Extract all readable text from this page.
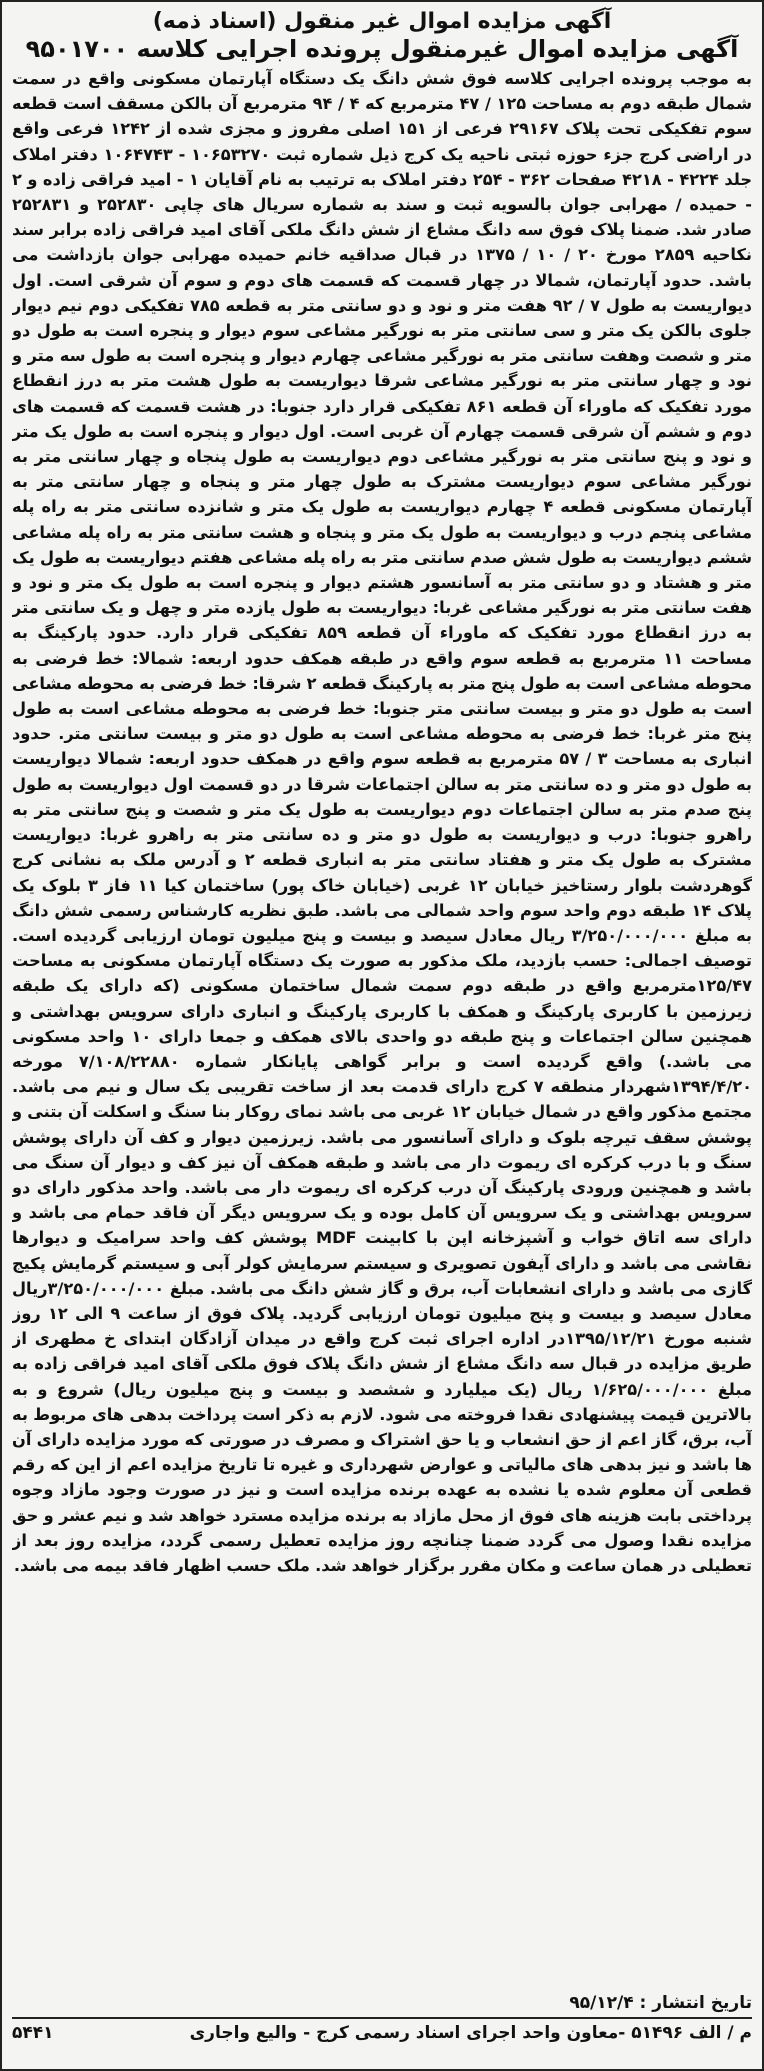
آگهی مزایده اموال غیر منقول (اسناد ذمه)
آگهی مزایده اموال غیرمنقول پرونده اجرایی کلاسه ۹۵۰۱۷۰۰
به موجب پرونده اجرایی کلاسه فوق شش دانگ یک دستگاه آپارتمان مسکونی واقع در سمت شمال طبقه دوم به مساحت ۱۲۵ / ۴۷ مترمربع که ۴ / ۹۴ مترمربع آن بالکن مسقف است قطعه سوم تفکیکی تحت پلاک ۲۹۱۶۷ فرعی از ۱۵۱ اصلی مفروز و مجزی شده از ۱۲۴۲ فرعی واقع در اراضی کرج جزء حوزه ثبتی ناحیه یک کرج ذیل شماره ثبت ۱۰۶۵۳۲۷۰ - ۱۰۶۴۷۴۳ دفتر املاک جلد ۴۲۲۴ - ۴۲۱۸ صفحات ۳۶۲ - ۲۵۴ دفتر املاک به ترتیب به نام آقایان ۱ - امید فراقی زاده و ۲ - حمیده / مهرابی جوان بالسویه ثبت و سند به شماره سریال های چاپی ۲۵۲۸۳۰ و ۲۵۲۸۳۱ صادر شد. ضمنا پلاک فوق سه دانگ مشاع از شش دانگ ملکی آقای امید فراقی زاده برابر سند نکاحیه ۲۸۵۹ مورخ ۲۰ / ۱۰ / ۱۳۷۵ در قبال صداقیه خانم حمیده مهرابی جوان بازداشت می باشد. حدود آپارتمان، شمالا در چهار قسمت که قسمت های دوم و سوم آن شرقی است. اول دیواریست به طول ۷ / ۹۲ هفت متر و نود و دو سانتی متر به قطعه ۷۸۵ تفکیکی دوم نیم دیوار جلوی بالکن یک متر و سی سانتی متر به نورگیر مشاعی سوم دیوار و پنجره است به طول دو متر و شصت وهفت سانتی متر به نورگیر مشاعی چهارم دیوار و پنجره است به طول سه متر و نود و چهار سانتی متر به نورگیر مشاعی شرقا دیواریست به طول هشت متر به درز انقطاع مورد تفکیک که ماوراء آن قطعه ۸۶۱ تفکیکی قرار دارد جنوبا: در هشت قسمت که قسمت های دوم و ششم آن شرقی قسمت چهارم آن غربی است. اول دیوار و پنجره است به طول یک متر و نود و پنج سانتی متر به نورگیر مشاعی دوم دیواریست به طول پنجاه و چهار سانتی متر به نورگیر مشاعی سوم دیواریست مشترک به طول چهار متر و پنجاه و چهار سانتی متر به آپارتمان مسکونی قطعه ۴ چهارم دیواریست به طول یک متر و شانزده سانتی متر به راه پله مشاعی پنجم درب و دیواریست به طول یک متر و پنجاه و هشت سانتی متر به راه پله مشاعی ششم دیواریست به طول شش صدم سانتی متر به راه پله مشاعی هفتم دیواریست به طول یک متر و هشتاد و دو سانتی متر به آسانسور هشتم دیوار و پنجره است به طول یک متر و نود و هفت سانتی متر به نورگیر مشاعی غربا: دیواریست به طول یازده متر و چهل و یک سانتی متر به درز انقطاع مورد تفکیک که ماوراء آن قطعه ۸۵۹ تفکیکی قرار دارد. حدود پارکینگ به مساحت ۱۱ مترمربع به قطعه سوم واقع در طبقه همکف حدود اربعه: شمالا: خط فرضی به محوطه مشاعی است به طول پنج متر به پارکینگ قطعه ۲ شرقا: خط فرضی به محوطه مشاعی است به طول دو متر و بیست سانتی متر جنوبا: خط فرضی به محوطه مشاعی است به طول پنج متر غربا: خط فرضی به محوطه مشاعی است به طول دو متر و بیست سانتی متر. حدود انباری به مساحت ۳ / ۵۷ مترمربع به قطعه سوم واقع در همکف حدود اربعه: شمالا دیواریست به طول دو متر و ده سانتی متر به سالن اجتماعات شرقا در دو قسمت اول دیواریست به طول پنج صدم متر به سالن اجتماعات دوم دیواریست به طول یک متر و شصت و پنج سانتی متر به راهرو جنوبا: درب و دیواریست به طول دو متر و ده سانتی متر به راهرو غربا: دیواریست مشترک به طول یک متر و هفتاد سانتی متر به انباری قطعه ۲ و آدرس ملک به نشانی کرج گوهردشت بلوار رستاخیز خیابان ۱۲ غربی (خیابان خاک پور) ساختمان کیا ۱۱ فاز ۳ بلوک یک پلاک ۱۴ طبقه دوم واحد سوم واحد شمالی می باشد. طبق نظریه کارشناس رسمی شش دانگ به مبلغ ۳/۲۵۰/۰۰۰/۰۰۰ ریال معادل سیصد و بیست و پنج میلیون تومان ارزیابی گردیده است. توصیف اجمالی: حسب بازدید، ملک مذکور به صورت یک دستگاه آپارتمان مسکونی به مساحت ۱۲۵/۴۷مترمربع واقع در طبقه دوم سمت شمال ساختمان مسکونی (که دارای یک طبقه زیرزمین با کاربری پارکینگ و همکف با کاربری پارکینگ و انباری دارای سرویس بهداشتی و همچنین سالن اجتماعات و پنج طبقه دو واحدی بالای همکف و جمعا دارای ۱۰ واحد مسکونی می باشد.) واقع گردیده است و برابر گواهی پایانکار شماره ۷/۱۰۸/۲۲۸۸۰ مورخه ۱۳۹۴/۴/۲۰شهردار منطقه ۷ کرج دارای قدمت بعد از ساخت تقریبی یک سال و نیم می باشد. مجتمع مذکور واقع در شمال خیابان ۱۲ غربی می باشد نمای روکار بنا سنگ و اسکلت آن بتنی و پوشش سقف تیرچه بلوک و دارای آسانسور می باشد. زیرزمین دیوار و کف آن دارای پوشش سنگ و با درب کرکره ای ریموت دار می باشد و طبقه همکف آن نیز کف و دیوار آن سنگ می باشد و همچنین ورودی پارکینگ آن درب کرکره ای ریموت دار می باشد. واحد مذکور دارای دو سرویس بهداشتی و یک سرویس آن کامل بوده و یک سرویس دیگر آن فاقد حمام می باشد و دارای سه اتاق خواب و آشپزخانه اپن با کابینت MDF پوشش کف واحد سرامیک و دیوارها نقاشی می باشد و دارای آیفون تصویری و سیستم سرمایش کولر آبی و سیستم گرمایش پکیج گازی می باشد و دارای انشعابات آب، برق و گاز شش دانگ می باشد. مبلغ ۳/۲۵۰/۰۰۰/۰۰۰ریال معادل سیصد و بیست و پنج میلیون تومان ارزیابی گردید. پلاک فوق از ساعت ۹ الی ۱۲ روز شنبه مورخ ۱۳۹۵/۱۲/۲۱در اداره اجرای ثبت کرج واقع در میدان آزادگان ابتدای خ مطهری از طریق مزایده در قبال سه دانگ مشاع از شش دانگ پلاک فوق ملکی آقای امید فراقی زاده به مبلغ ۱/۶۲۵/۰۰۰/۰۰۰ ریال (یک میلیارد و ششصد و بیست و پنج میلیون ریال) شروع و به بالاترین قیمت پیشنهادی نقدا فروخته می شود. لازم به ذکر است پرداخت بدهی های مربوط به آب، برق، گاز اعم از حق انشعاب و یا حق اشتراک و مصرف در صورتی که مورد مزایده دارای آن ها باشد و نیز بدهی های مالیاتی و عوارض شهرداری و غیره تا تاریخ مزایده اعم از این که رقم قطعی آن معلوم شده یا نشده به عهده برنده مزایده است و نیز در صورت وجود مازاد وجوه پرداختی بابت هزینه های فوق از محل مازاد به برنده مزایده مسترد خواهد شد و نیم عشر و حق مزایده نقدا وصول می گردد ضمنا چنانچه روز مزایده تعطیل رسمی گردد، مزایده روز بعد از تعطیلی در همان ساعت و مکان مقرر برگزار خواهد شد. ملک حسب اظهار فاقد بیمه می باشد.
تاریخ انتشار : ۹۵/۱۲/۴
م / الف ۵۱۴۹۶ -معاون واحد اجرای اسناد رسمی کرج - والیع واجاری
۵۴۴۱
